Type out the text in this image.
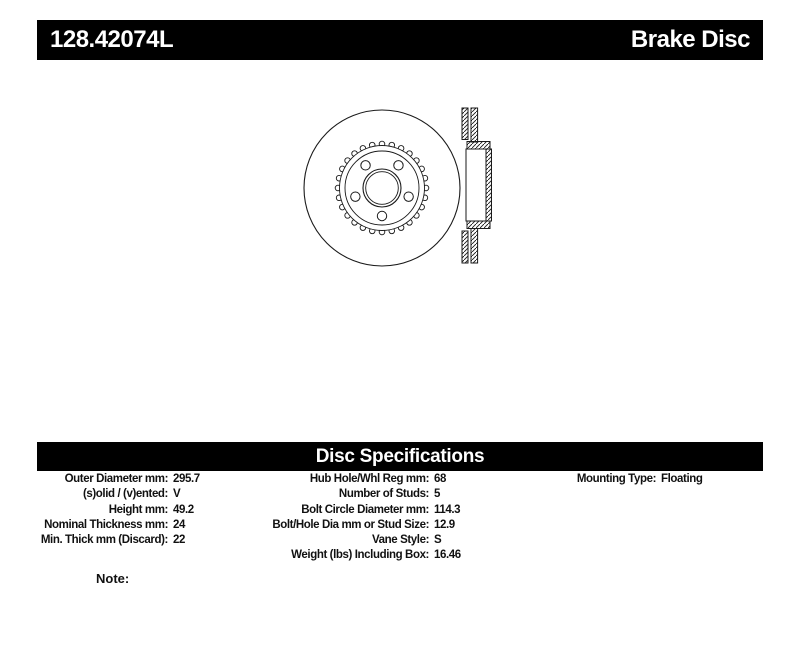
128.42074L	Brake Disc
Disc Specifications
Outer Diameter mm: 295.7
(s)olid / (v)ented: V
Height mm: 49.2
Nominal Thickness mm: 24
Min. Thick mm (Discard): 22
Hub Hole/Whl Reg mm: 68
Number of Studs: 5
Bolt Circle Diameter mm: 114.3
Bolt/Hole Dia mm or Stud Size: 12.9
Vane Style: S
Weight (lbs) Including Box: 16.46
Mounting Type: Floating
Note:
